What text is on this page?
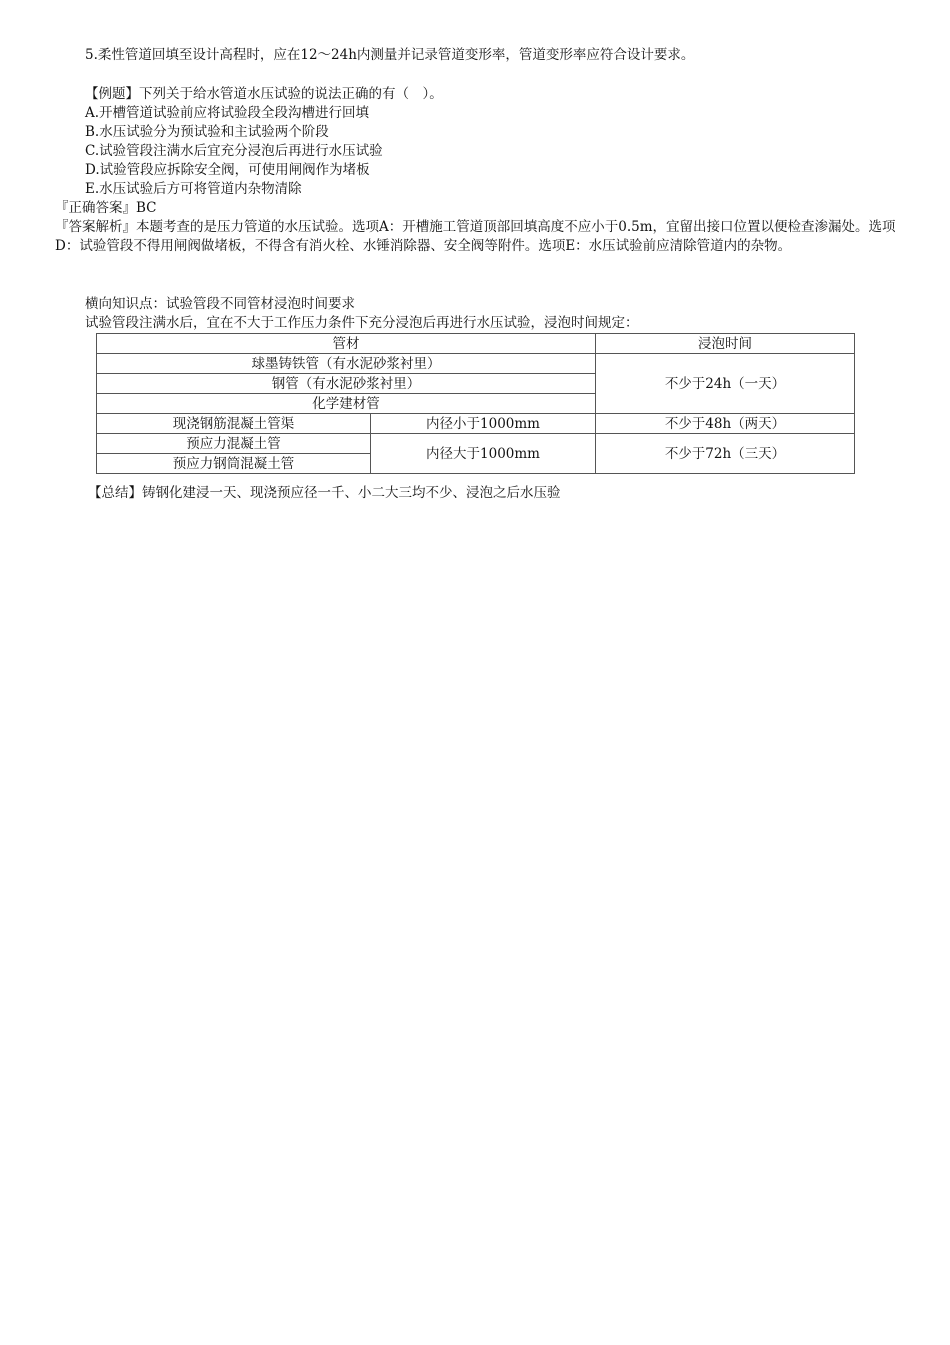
5.柔性管道回填至设计高程时，应在12～24h内测量并记录管道变形率，管道变形率应符合设计要求。
【例题】下列关于给水管道水压试验的说法正确的有（　）。
A.开槽管道试验前应将试验段全段沟槽进行回填
B.水压试验分为预试验和主试验两个阶段
C.试验管段注满水后宜充分浸泡后再进行水压试验
D.试验管段应拆除安全阀，可使用闸阀作为堵板
E.水压试验后方可将管道内杂物清除
『正确答案』BC
『答案解析』本题考查的是压力管道的水压试验。选项A：开槽施工管道顶部回填高度不应小于0.5m，宜留出接口位置以便检查渗漏处。选项D：试验管段不得用闸阀做堵板，不得含有消火栓、水锤消除器、安全阀等附件。选项E：水压试验前应清除管道内的杂物。
横向知识点：试验管段不同管材浸泡时间要求
试验管段注满水后，宜在不大于工作压力条件下充分浸泡后再进行水压试验，浸泡时间规定：
管材		浸泡时间
球墨铸铁管（有水泥砂浆衬里）		不少于24h（一天）
钢管（有水泥砂浆衬里）		
化学建材管		
现浇钢筋混凝土管渠	内径小于1000mm	不少于48h（两天）
预应力混凝土管	内径大于1000mm	不少于72h（三天）
预应力钢筒混凝土管		
【总结】铸钢化建浸一天、现浇预应径一千、小二大三均不少、浸泡之后水压验
